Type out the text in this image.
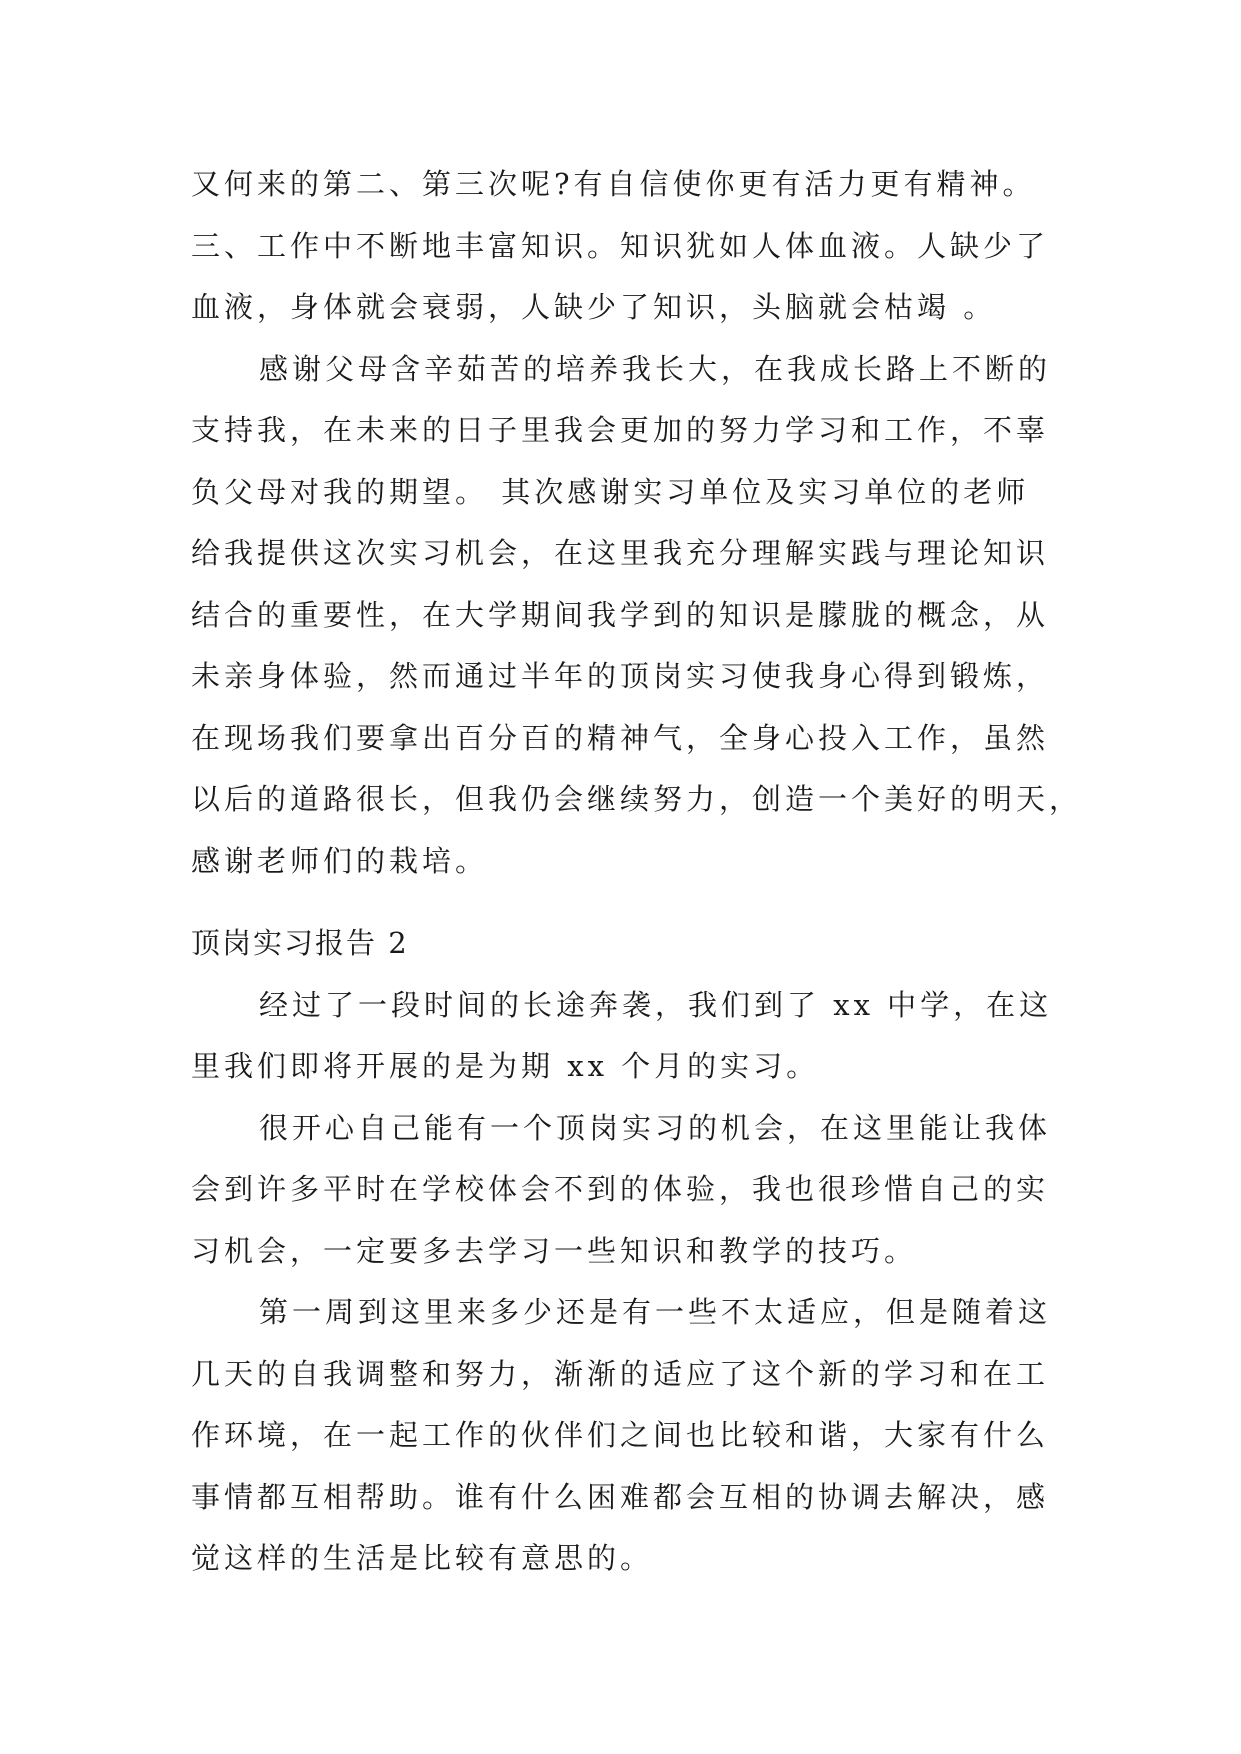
又何来的第二、第三次呢?有自信使你更有活力更有精神。
三、工作中不断地丰富知识。知识犹如人体血液。人缺少了
血液，身体就会衰弱，人缺少了知识，头脑就会枯竭 。
感谢父母含辛茹苦的培养我长大，在我成长路上不断的
支持我，在未来的日子里我会更加的努力学习和工作，不辜
负父母对我的期望。 其次感谢实习单位及实习单位的老师
给我提供这次实习机会，在这里我充分理解实践与理论知识
结合的重要性，在大学期间我学到的知识是朦胧的概念，从
未亲身体验，然而通过半年的顶岗实习使我身心得到锻炼，
在现场我们要拿出百分百的精神气，全身心投入工作，虽然
以后的道路很长，但我仍会继续努力，创造一个美好的明天，
感谢老师们的栽培。
顶岗实习报告 2
经过了一段时间的长途奔袭，我们到了 xx 中学，在这
里我们即将开展的是为期 xx 个月的实习。
很开心自己能有一个顶岗实习的机会，在这里能让我体
会到许多平时在学校体会不到的体验，我也很珍惜自己的实
习机会，一定要多去学习一些知识和教学的技巧。
第一周到这里来多少还是有一些不太适应，但是随着这
几天的自我调整和努力，渐渐的适应了这个新的学习和在工
作环境，在一起工作的伙伴们之间也比较和谐，大家有什么
事情都互相帮助。谁有什么困难都会互相的协调去解决，感
觉这样的生活是比较有意思的。
